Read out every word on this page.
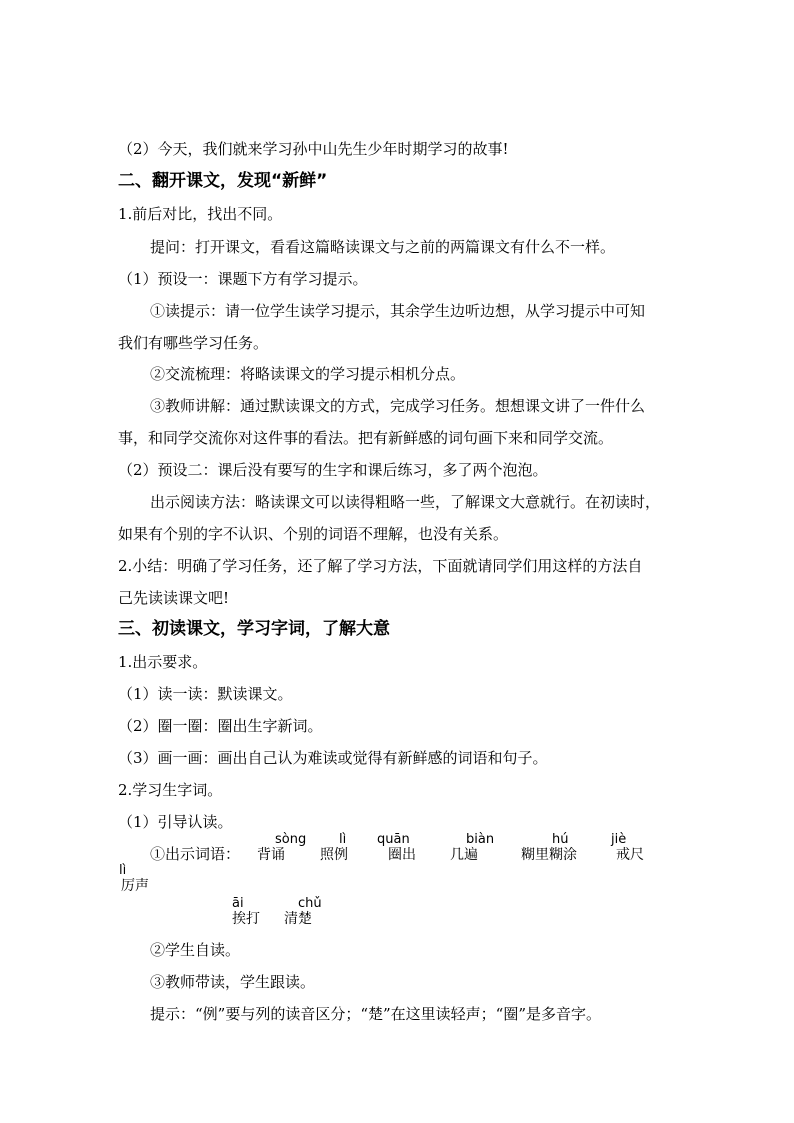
（2）今天，我们就来学习孙中山先生少年时期学习的故事!
二、翻开课文，发现“新鲜”
1.前后对比，找出不同。
提问：打开课文，看看这篇略读课文与之前的两篇课文有什么不一样。
（1）预设一：课题下方有学习提示。
①读提示：请一位学生读学习提示，其余学生边听边想，从学习提示中可知
我们有哪些学习任务。
②交流梳理：将略读课文的学习提示相机分点。
③教师讲解：通过默读课文的方式，完成学习任务。想想课文讲了一件什么
事，和同学交流你对这件事的看法。把有新鲜感的词句画下来和同学交流。
（2）预设二：课后没有要写的生字和课后练习，多了两个泡泡。
出示阅读方法：略读课文可以读得粗略一些，了解课文大意就行。在初读时，
如果有个别的字不认识、个别的词语不理解，也没有关系。
2.小结：明确了学习任务，还了解了学习方法，下面就请同学们用这样的方法自
己先读读课文吧!
三、初读课文，学习字词，了解大意
1.出示要求。
（1）读一读：默读课文。
（2）圈一圈：圈出生字新词。
（3）画一画：画出自己认为难读或觉得有新鲜感的词语和句子。
2.学习生字词。
（1）引导认读。
①出示词语：
sòng
背诵
lì
照例
quān
圈出
biàn
几遍
hú
糊里糊涂
jiè
戒尺
lì
厉声
āi
挨打
chǔ
清楚
②学生自读。
③教师带读，学生跟读。
提示：“例”要与列的读音区分；“楚”在这里读轻声；“圈”是多音字。
